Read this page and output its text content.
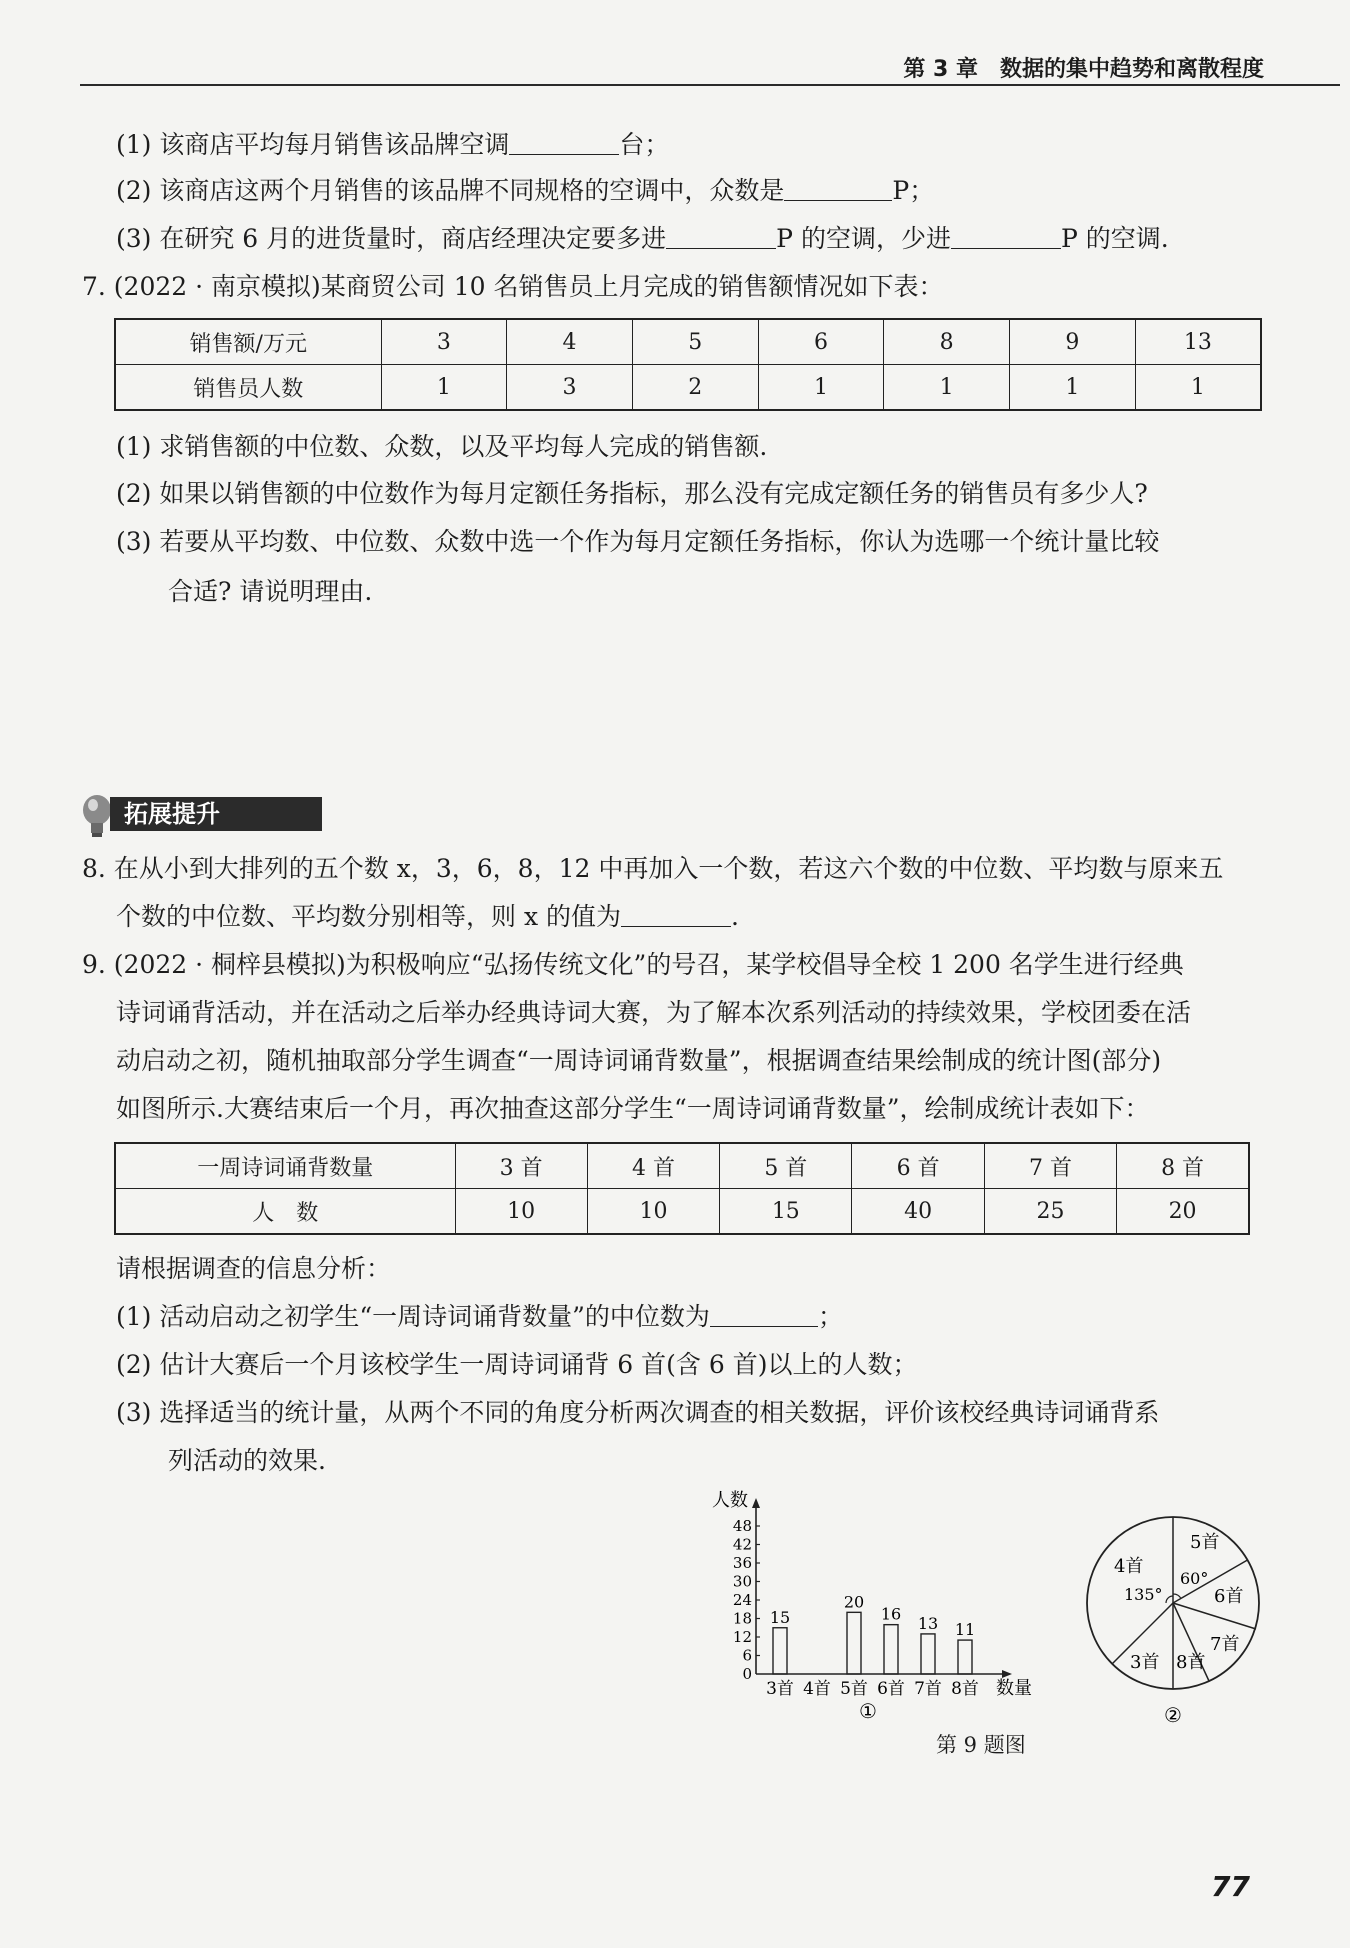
第 3 章　数据的集中趋势和离散程度
(1) 该商店平均每月销售该品牌空调	台；
(2) 该商店这两个月销售的该品牌不同规格的空调中，众数是	P；
(3) 在研究 6 月的进货量时，商店经理决定要多进	P 的空调，少进	P 的空调.
7. (2022 · 南京模拟)某商贸公司 10 名销售员上月完成的销售额情况如下表：
销售额/万元	3	4	5	6	8	9	13
销售员人数	1	3	2	1	1	1	1
(1) 求销售额的中位数、众数，以及平均每人完成的销售额.
(2) 如果以销售额的中位数作为每月定额任务指标，那么没有完成定额任务的销售员有多少人?
(3) 若要从平均数、中位数、众数中选一个作为每月定额任务指标，你认为选哪一个统计量比较
合适? 请说明理由.
拓展提升
8. 在从小到大排列的五个数 x，3，6，8，12 中再加入一个数，若这六个数的中位数、平均数与原来五
个数的中位数、平均数分别相等，则 x 的值为	.
9. (2022 · 桐梓县模拟)为积极响应“弘扬传统文化”的号召，某学校倡导全校 1 200 名学生进行经典
诗词诵背活动，并在活动之后举办经典诗词大赛，为了解本次系列活动的持续效果，学校团委在活
动启动之初，随机抽取部分学生调查“一周诗词诵背数量”，根据调查结果绘制成的统计图(部分)
如图所示.大赛结束后一个月，再次抽查这部分学生“一周诗词诵背数量”，绘制成统计表如下：
一周诗词诵背数量	3 首	4 首	5 首	6 首	7 首	8 首
人　数	10	10	15	40	25	20
请根据调查的信息分析：
(1) 活动启动之初学生“一周诗词诵背数量”的中位数为	；
(2) 估计大赛后一个月该校学生一周诗词诵背 6 首(含 6 首)以上的人数；
(3) 选择适当的统计量，从两个不同的角度分析两次调查的相关数据，评价该校经典诗词诵背系
列活动的效果.
人数
0
6
12
18
24
30
36
42
48
15
20
16 13 11
3首 4首 5首 6首 7首 8首 数量
①
4首
135°
5首
60°
6首
7首
8首
3首
②
第 9 题图
77
